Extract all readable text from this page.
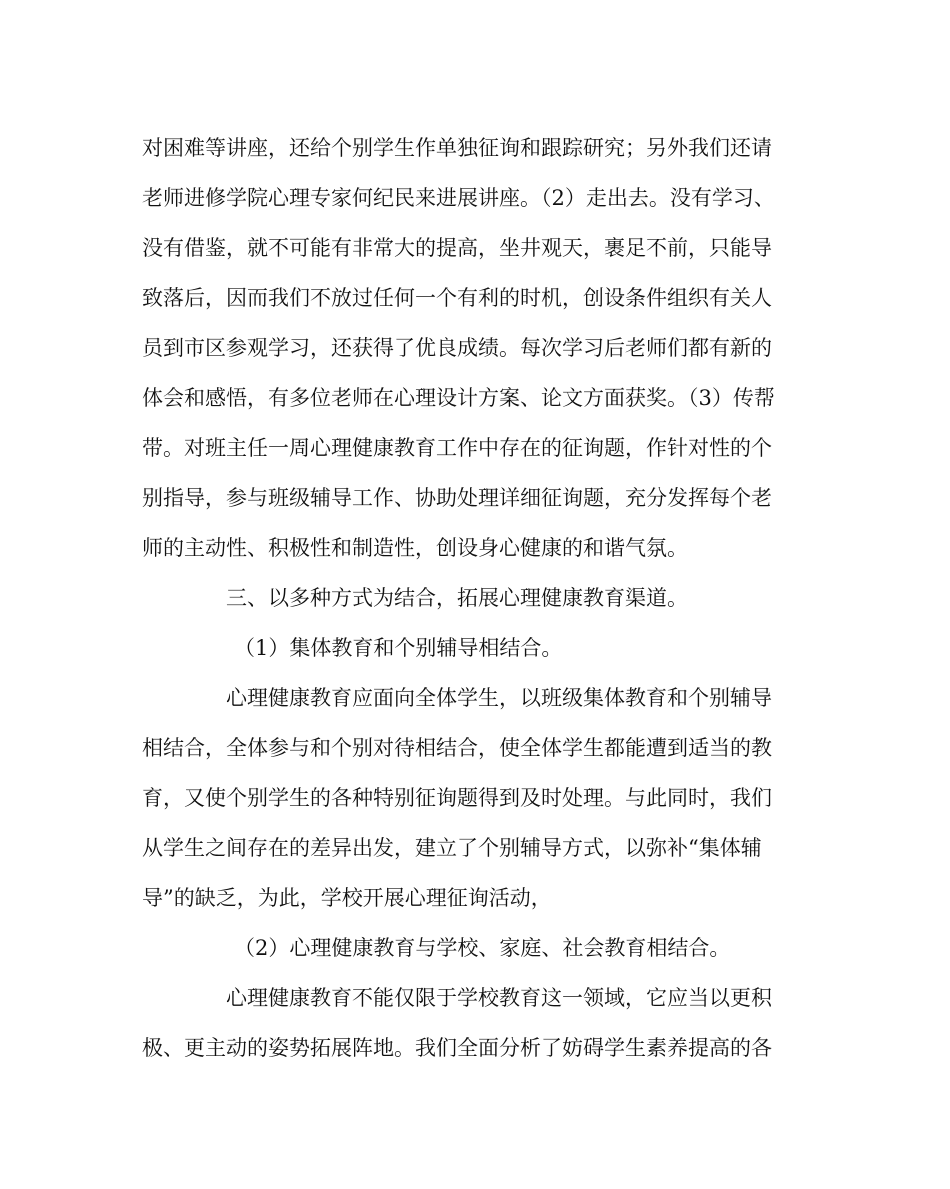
对困难等讲座，还给个别学生作单独征询和跟踪研究；另外我们还请
老师进修学院心理专家何纪民来进展讲座。（2）走出去。没有学习、
没有借鉴，就不可能有非常大的提高，坐井观天，裹足不前，只能导
致落后，因而我们不放过任何一个有利的时机，创设条件组织有关人
员到市区参观学习，还获得了优良成绩。每次学习后老师们都有新的
体会和感悟，有多位老师在心理设计方案、论文方面获奖。（3）传帮
带。对班主任一周心理健康教育工作中存在的征询题，作针对性的个
别指导，参与班级辅导工作、协助处理详细征询题，充分发挥每个老
师的主动性、积极性和制造性，创设身心健康的和谐气氛。
三、以多种方式为结合，拓展心理健康教育渠道。
（1）集体教育和个别辅导相结合。
心理健康教育应面向全体学生，以班级集体教育和个别辅导
相结合，全体参与和个别对待相结合，使全体学生都能遭到适当的教
育，又使个别学生的各种特别征询题得到及时处理。与此同时，我们
从学生之间存在的差异出发，建立了个别辅导方式，以弥补“集体辅
导”的缺乏，为此，学校开展心理征询活动，
（2）心理健康教育与学校、家庭、社会教育相结合。
心理健康教育不能仅限于学校教育这一领域，它应当以更积
极、更主动的姿势拓展阵地。我们全面分析了妨碍学生素养提高的各
